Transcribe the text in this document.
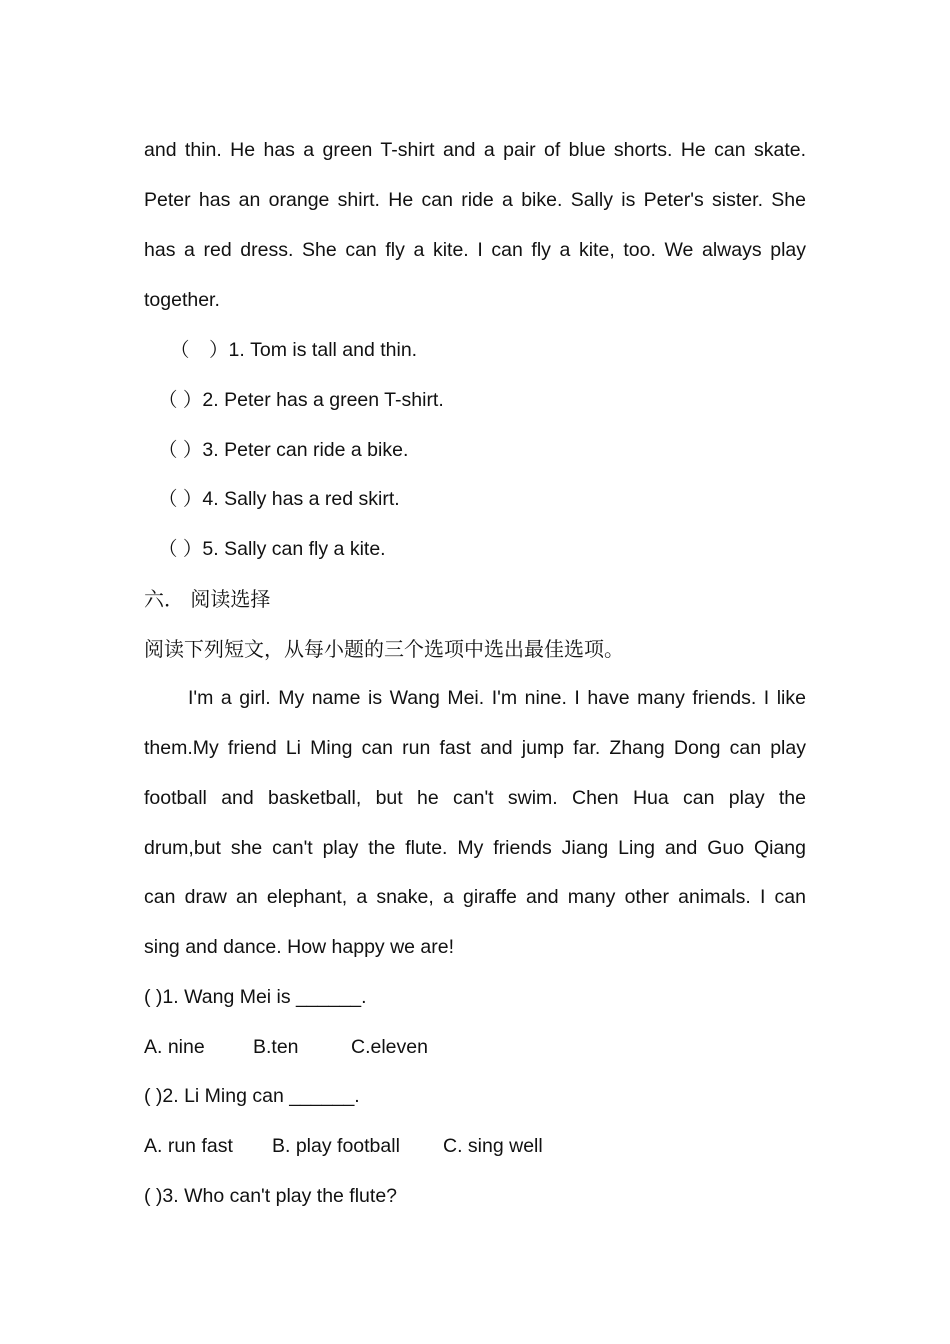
and thin. He has a green T-shirt and a pair of blue shorts. He can skate.
Peter has an orange shirt. He can ride a bike. Sally is Peter's sister. She
has a red dress. She can fly a kite. I can fly a kite, too. We always play
together.
（　）1. Tom is tall and thin.
（ ）2. Peter has a green T-shirt.
（ ）3. Peter can ride a bike.
（ ）4. Sally has a red skirt.
（ ）5. Sally can fly a kite.
六． 阅读选择
阅读下列短文，从每小题的三个选项中选出最佳选项。
I'm a girl. My name is Wang Mei. I'm nine. I have many friends. I like
them.My friend Li Ming can run fast and jump far. Zhang Dong can play
football and basketball, but he can't swim. Chen Hua can play the
drum,but she can't play the flute. My friends Jiang Ling and Guo Qiang
can draw an elephant, a snake, a giraffe and many other animals. I can
sing and dance. How happy we are!
( )1. Wang Mei is ______.
A. nine B.ten	C.eleven
( )2. Li Ming can ______.
A. run fast B. play football C. sing well
( )3. Who can't play the flute?
